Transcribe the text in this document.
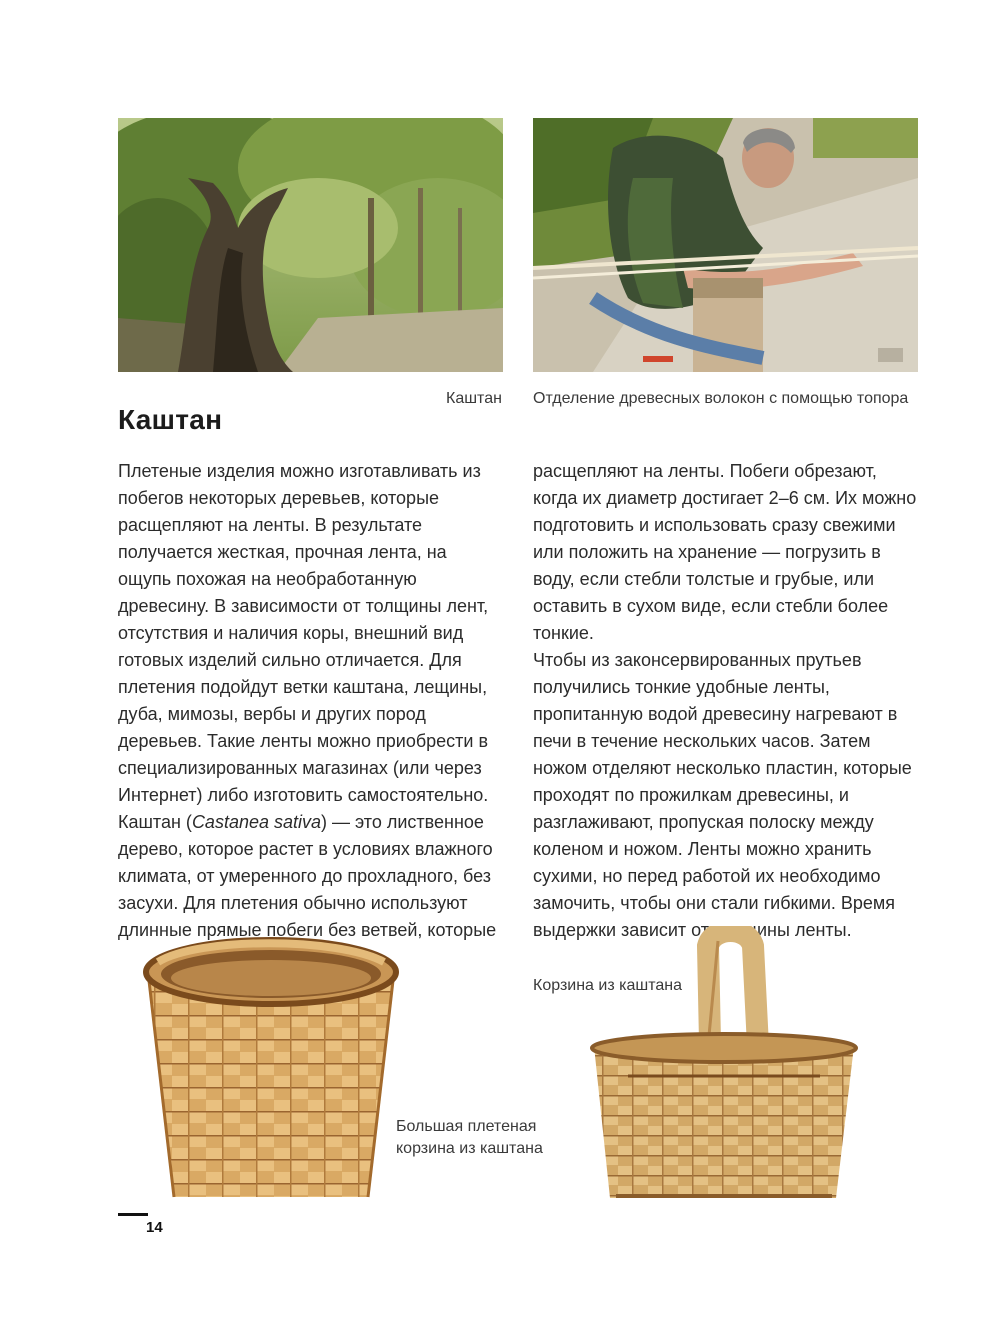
Каштан Отделение древесных волокон с помощью топора
Каштан

Плетеные изделия можно изготавливать из побегов некоторых деревьев, которые расщепляют на ленты. В результате получается жесткая, прочная лента, на ощупь похожая на необработанную древесину. В зависимости от толщины лент, отсутствия и наличия коры, внешний вид готовых изделий сильно отличается. Для плетения подойдут ветки каштана, лещины, дуба, мимозы, вербы и других пород деревьев. Такие ленты можно приобрести в специализированных магазинах (или через Интернет) либо изготовить самостоятельно.

Каштан (Castanea sativa) — это лиственное дерево, которое растет в условиях влажного климата, от умеренного до прохладного, без засухи. Для плетения обычно используют длинные прямые побеги без ветвей, которые

расщепляют на ленты. Побеги обрезают, когда их диаметр достигает 2–6 см. Их можно подготовить и использовать сразу свежими или положить на хранение — погрузить в воду, если стебли толстые и грубые, или оставить в сухом виде, если стебли более тонкие.

Чтобы из законсервированных прутьев получились тонкие удобные ленты, пропитанную водой древесину нагревают в печи в течение нескольких часов. Затем ножом отделяют несколько пластин, которые проходят по прожилкам древесины, и разглаживают, пропуская полоску между коленом и ножом. Ленты можно хранить сухими, но перед работой их необходимо замочить, чтобы они стали гибкими. Время выдержки зависит от толщины ленты.

Большая плетеная
корзина из каштана
Корзина из каштана
14
